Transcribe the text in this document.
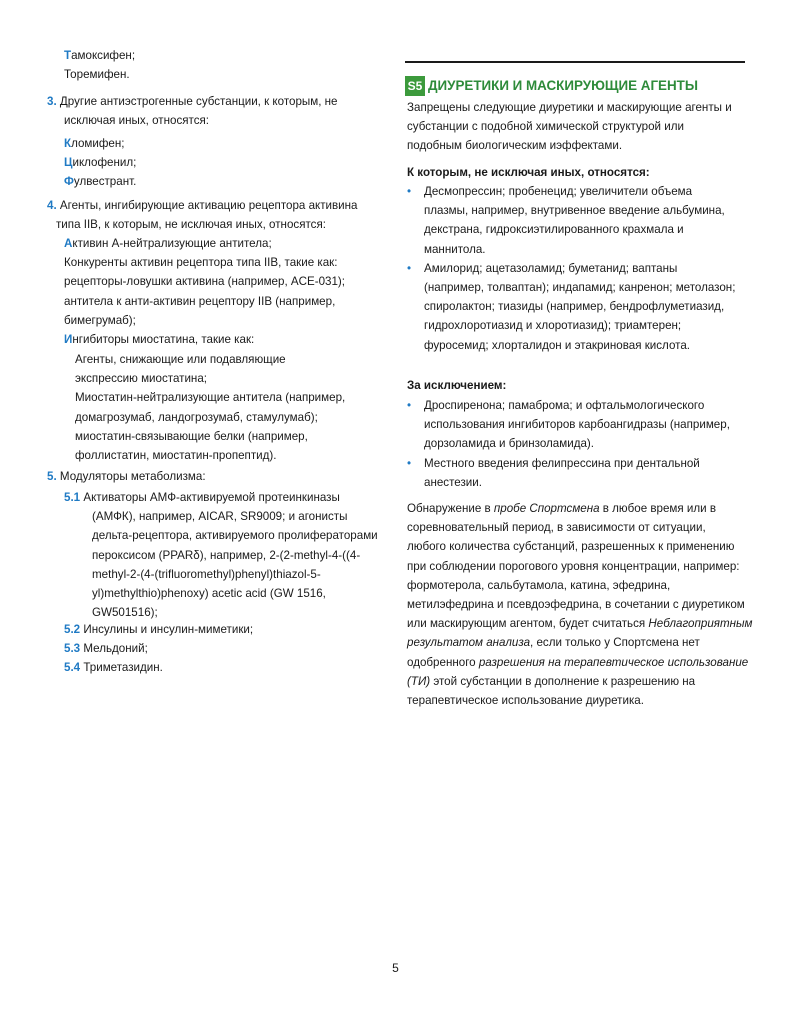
Тамоксифен;
Торемифен.
3. Другие антиэстрогенные субстанции, к которым, не
исключая иных, относятся:
Кломифен;
Циклофенил;
Фулвестрант.
4. Агенты, ингибирующие активацию рецептора активина
типа IIB, к которым, не исключая иных, относятся:
Активин А-нейтрализующие антитела;
Конкуренты активин рецептора типа IIB, такие как:
рецепторы-ловушки активина (например, ACE-031);
антитела к анти-активин рецептору IIB (например,
бимегрумаб);
Ингибиторы миостатина, такие как:
Агенты, снижающие или подавляющие
экспрессию миостатина;
Миостатин-нейтрализующие антитела (например,
домагрозумаб, ландогрозумаб, стамулумаб);
миостатин-связывающие белки (например,
фоллистатин, миостатин-пропептид).
5. Модуляторы метаболизма:
5.1 Активаторы АМФ-активируемой протеинкиназы
(АМФК), например, AICAR, SR9009; и агонисты
дельта-рецептора, активируемого пролифераторами
пероксисом (PPARδ), например, 2-(2-methyl-4-((4-
methyl-2-(4-(trifluoromethyl)phenyl)thiazol-5-
yl)methylthio)phenoxy) acetic acid (GW 1516,
GW501516);
5.2 Инсулины и инсулин-миметики;
5.3 Мельдоний;
5.4 Триметазидин.
S5 ДИУРЕТИКИ И МАСКИРУЮЩИЕ АГЕНТЫ
Запрещены следующие диуретики и маскирующие агенты и
субстанции с подобной химической структурой или
подобным биологическим иэффектами.
К которым, не исключая иных, относятся:
• Десмопрессин; пробенецид; увеличители объема
плазмы, например, внутривенное введение альбумина,
декстрана, гидроксиэтилированного крахмала и
маннитола.
• Амилорид; ацетазоламид; буметанид; ваптаны
(например, толваптан); индапамид; канренон; метолазон;
спиролактон; тиазиды (например, бендрофлуметиазид,
гидрохлоротиазид и хлоротиазид); триамтерен;
фуросемид; хлорталидон и этакриновая кислота.
За исключением:
• Дроспиренона; памаброма; и офтальмологического
использования ингибиторов карбоангидразы (например,
дорзоламида и бринзоламида).
• Местного введения фелипрессина при дентальной
анестезии.
Обнаружение в пробе Спортсмена в любое время или в
соревновательный период, в зависимости от ситуации,
любого количества субстанций, разрешенных к применению
при соблюдении порогового уровня концентрации, например:
формотерола, сальбутамола, катина, эфедрина,
метилэфедрина и псевдоэфедрина, в сочетании с диуретиком
или маскирующим агентом, будет считаться Неблагоприятным
результатом анализа, если только у Спортсмена нет
одобренного разрешения на терапевтическое использование
(ТИ) этой субстанции в дополнение к разрешению на
терапевтическое использование диуретика.
5
